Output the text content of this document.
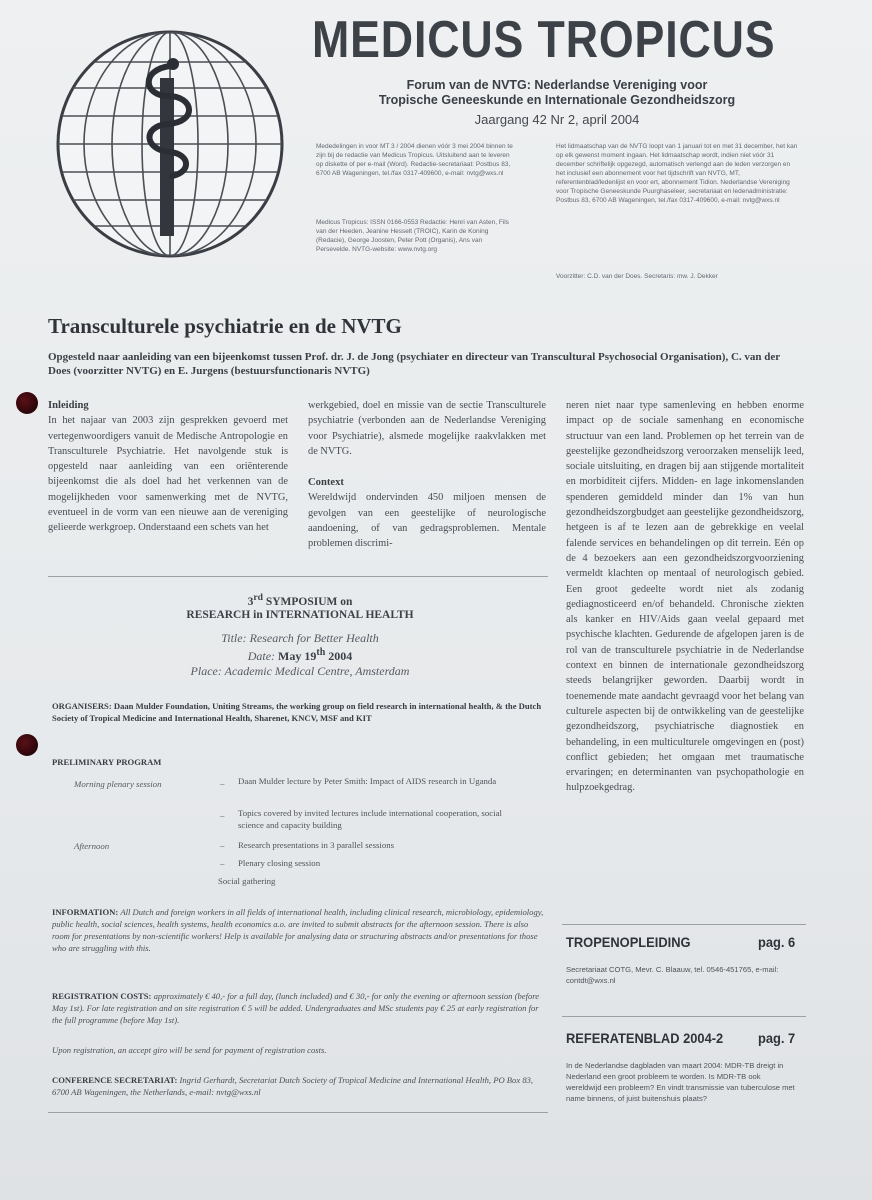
MEDICUS TROPICUS
Forum van de NVTG: Nederlandse Vereniging voor
Tropische Geneeskunde en Internationale Gezondheidszorg
Jaargang 42 Nr 2, april 2004
Mededelingen in voor MT 3 / 2004 dienen vóór 3 mei 2004 binnen te zijn bij de redactie van Medicus Tropicus. Uitsluitend aan te leveren op diskette of per e-mail (Word). Redactie-secretariaat: Postbus 83, 6700 AB Wageningen, tel./fax 0317-409600, e-mail: nvtg@wxs.nl
Medicus Tropicus: ISSN 0166-0553 Redactie: Henri van Asten, Fils van der Heeden, Jeanine Hesselt (TROIC), Karin de Koning (Redacie), George Joosten, Peter Pott (Organis), Ans van Persevelde. NVTG-website: www.nvtg.org
Het lidmaatschap van de NVTG loopt van 1 januari tot en met 31 december, het kan op elk gewenst moment ingaan. Het lidmaatschap wordt, indien niet vóór 31 december schriftelijk opgezegd, automatisch verlengd aan de leden verzorgen en het inclusief een abonnement voor het tijdschrift van NVTG, MT, referentenblad/ledenlijst en voor ert, abonnement Tidion. Nederlandse Vereniging voor Tropische Geneeskunde Puurghaseleer, secretariaat en ledenadministratie: Postbus 83, 6700 AB Wageningen, tel./fax 0317-409600, e-mail: nvtg@wxs.nl
Voorzitter: C.D. van der Does. Secretaris: mw. J. Dekker
Transculturele psychiatrie en de NVTG
Opgesteld naar aanleiding van een bijeenkomst tussen Prof. dr. J. de Jong (psychiater en directeur van Transcultural Psychosocial Organisation), C. van der Does (voorzitter NVTG) en E. Jurgens (bestuursfunctionaris NVTG)
Inleiding

In het najaar van 2003 zijn gesprekken gevoerd met vertegenwoordigers vanuit de Medische Antropologie en Transculturele Psychiatrie. Het navolgende stuk is opgesteld naar aanleiding van een oriënterende bijeenkomst die als doel had het verkennen van de mogelijkheden voor samenwerking met de NVTG, eventueel in de vorm van een nieuwe aan de vereniging gelieerde werkgroep. Onderstaand een schets van het

werkgebied, doel en missie van de sectie Transculturele psychiatrie (verbonden aan de Nederlandse Vereniging voor Psychiatrie), alsmede mogelijke raakvlakken met de NVTG.

Context

Wereldwijd ondervinden 450 miljoen mensen de gevolgen van een geestelijke of neurologische aandoening, of van gedragsproblemen. Mentale problemen discrimi-

neren niet naar type samenleving en hebben enorme impact op de sociale samenhang en economische structuur van een land. Problemen op het terrein van de geestelijke gezondheidszorg veroorzaken menselijk leed, sociale uitsluiting, en dragen bij aan stijgende mortaliteit en morbiditeit cijfers. Midden- en lage inkomenslanden spenderen gemiddeld minder dan 1% van hun gezondheidszorgbudget aan geestelijke gezondheidszorg, hetgeen is af te lezen aan de gebrekkige en veelal falende services en behandelingen op dit terrein. Eén op de 4 bezoekers aan een gezondheidszorgvoorziening vermeldt klachten op mentaal of neurologisch gebied. Een groot gedeelte wordt niet als zodanig gediagnosticeerd en/of behandeld. Chronische ziekten als kanker en HIV/Aids gaan veelal gepaard met psychische klachten. Gedurende de afgelopen jaren is de rol van de transculturele psychiatrie in de Nederlandse context en binnen de internationale gezondheidszorg steeds belangrijker geworden. Daarbij wordt in toenemende mate aandacht gevraagd voor het belang van culturele aspecten bij de ontwikkeling van de geestelijke gezondheidszorg, psychiatrische diagnostiek en behandeling, in een multiculturele omgevingen en (post) conflict gebieden; het omgaan met traumatische ervaringen; en determinanten van psychopathologie en hulpzoekgedrag.

3rd SYMPOSIUM on
RESEARCH in INTERNATIONAL HEALTH
Title: Research for Better Health
Date: May 19th 2004
Place: Academic Medical Centre, Amsterdam
ORGANISERS: Daan Mulder Foundation, Uniting Streams, the working group on field research in international health, & the Dutch Society of Tropical Medicine and International Health, Sharenet, KNCV, MSF and KIT
PRELIMINARY PROGRAM
Morning plenary session	– Daan Mulder lecture by Peter Smith: Impact of AIDS research in Uganda
– Topics covered by invited lectures include international cooperation, social science and capacity building
Afternoon	– Research presentations in 3 parallel sessions
– Plenary closing session
Social gathering
INFORMATION: All Dutch and foreign workers in all fields of international health, including clinical research, microbiology, epidemiology, public health, social sciences, health systems, health economics a.o. are invited to submit abstracts for the afternoon session. There is also room for presentations by non-scientific workers! Help is available for analysing data or structuring abstracts and/or presentations for those who are struggling with this.
REGISTRATION COSTS: approximately € 40,- for a full day, (lunch included) and € 30,- for only the evening or afternoon session (before May 1st). For late registration and on site registration € 5 will be added. Undergraduates and MSc students pay € 25 at early registration for the full programme (before May 1st).
Upon registration, an accept giro will be send for payment of registration costs.
CONFERENCE SECRETARIAT: Ingrid Gerhardt, Secretariat Dutch Society of Tropical Medicine and International Health, PO Box 83, 6700 AB Wageningen, the Netherlands, e-mail: nvtg@wxs.nl
TROPENOPLEIDING	pag. 6
Secretariaat COTG, Mevr. C. Blaauw, tel. 0546-451765, e-mail: contdt@wxs.nl
REFERATENBLAD 2004-2 pag. 7
In de Nederlandse dagbladen van maart 2004: MDR-TB dreigt in Nederland een groot probleem te worden. Is MDR-TB ook wereldwijd een probleem? En vindt transmissie van tuberculose met name binnens, of juist buitenshuis plaats?
